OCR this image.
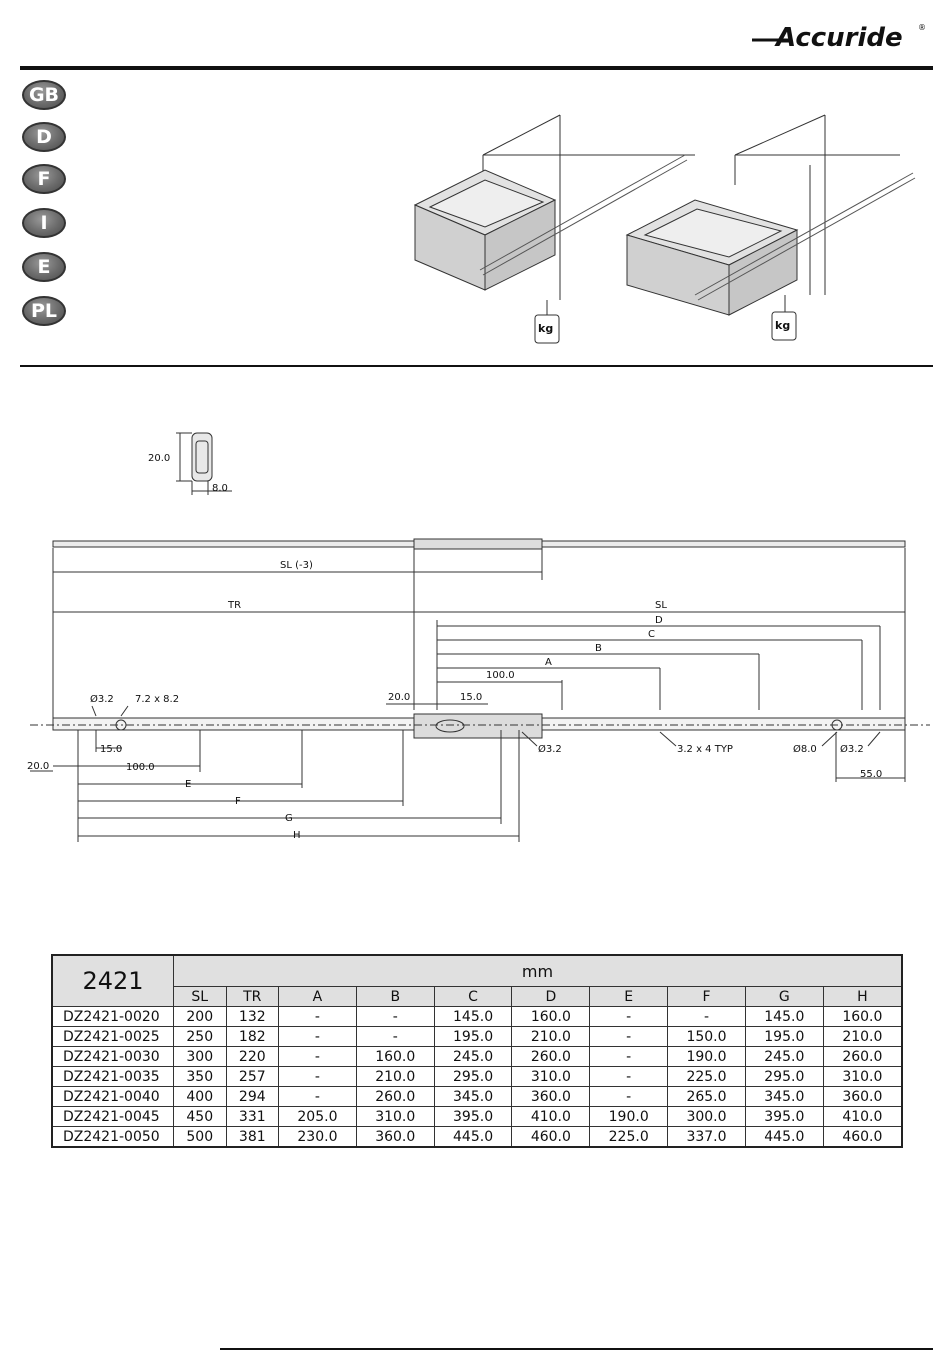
Accuride ®
GB
D
F
I
E
PL
kg	kg
20.0
8.0
SL (-3)
TR	SL
D
C
B
A
100.0
20.0	15.0
Ø3.2 7.2 x 8.2
15.0
20.0	100.0
E
F
G
H
Ø3.2	3.2 x 4 TYP	Ø8.0 Ø3.2
55.0
2421	mm									
	SL	TR	A	B	C	D	E	F	G	H
DZ2421-0020	200	132	-	-	145.0	160.0	-	-	145.0	160.0
DZ2421-0025	250	182	-	-	195.0	210.0	-	150.0	195.0	210.0
DZ2421-0030	300	220	-	160.0	245.0	260.0	-	190.0	245.0	260.0
DZ2421-0035	350	257	-	210.0	295.0	310.0	-	225.0	295.0	310.0
DZ2421-0040	400	294	-	260.0	345.0	360.0	-	265.0	345.0	360.0
DZ2421-0045	450	331	205.0	310.0	395.0	410.0	190.0	300.0	395.0	410.0
DZ2421-0050	500	381	230.0	360.0	445.0	460.0	225.0	337.0	445.0	460.0
